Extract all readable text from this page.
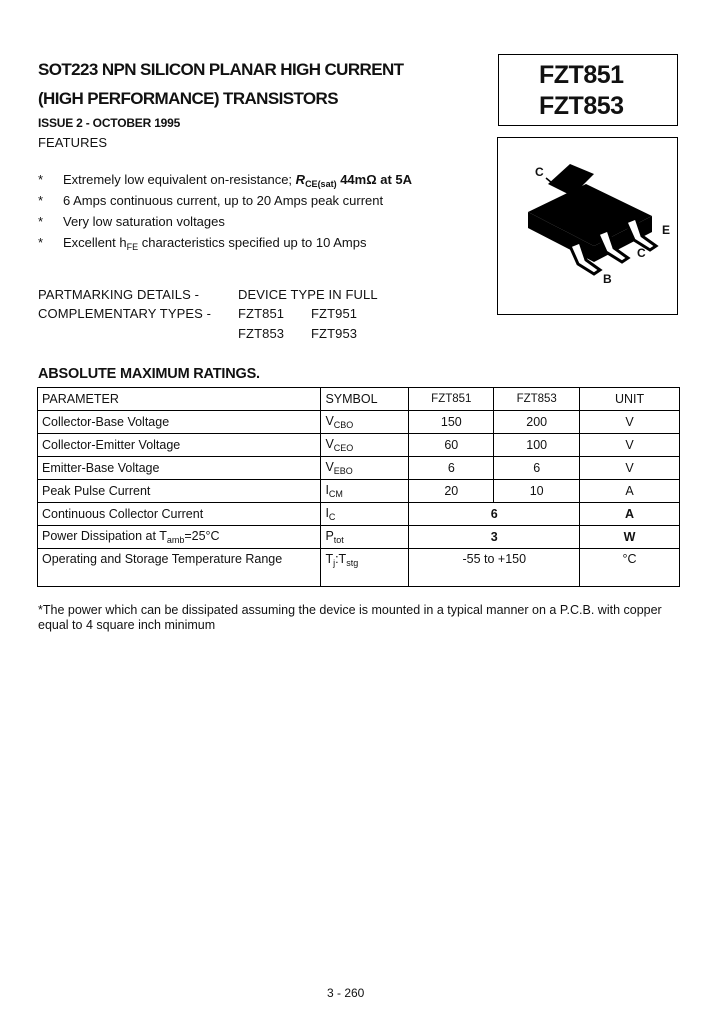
SOT223 NPN SILICON PLANAR HIGH CURRENT
(HIGH PERFORMANCE) TRANSISTORS
ISSUE 2 - OCTOBER 1995
FZT851
FZT853
C
E
C
B
FEATURES
* Extremely low equivalent on-resistance; $R_{CE(sat)}$ 44mΩ at 5A
* 6 Amps continuous current, up to 20 Amps peak current
* Very low saturation voltages
* Excellent $h_{FE}$ characteristics specified up to 10 Amps
PARTMARKING DETAILS -	DEVICE TYPE IN FULL
COMPLEMENTARY TYPES - FZT851 FZT951
FZT853 FZT953
ABSOLUTE MAXIMUM RATINGS.
PARAMETER	SYMBOL	FZT851	FZT853	UNIT
Collector-Base Voltage	$V_{CBO}$	150	200	V
Collector-Emitter Voltage	$V_{CEO}$	60	100	V
Emitter-Base Voltage	$V_{EBO}$	6	6	V
Peak Pulse Current	$I_{CM}$	20	10	A
Continuous Collector Current	$I_C$	6		A
Power Dissipation at $T_{amb}=25^\circ C$	$P_{tot}$	3		W
Operating and Storage Temperature Range	$T_j:T_{stg}$	-55 to +150		°C
*The power which can be dissipated assuming the device is mounted in a typical manner on a P.C.B. with copper equal to 4 square inch minimum
3 - 260
